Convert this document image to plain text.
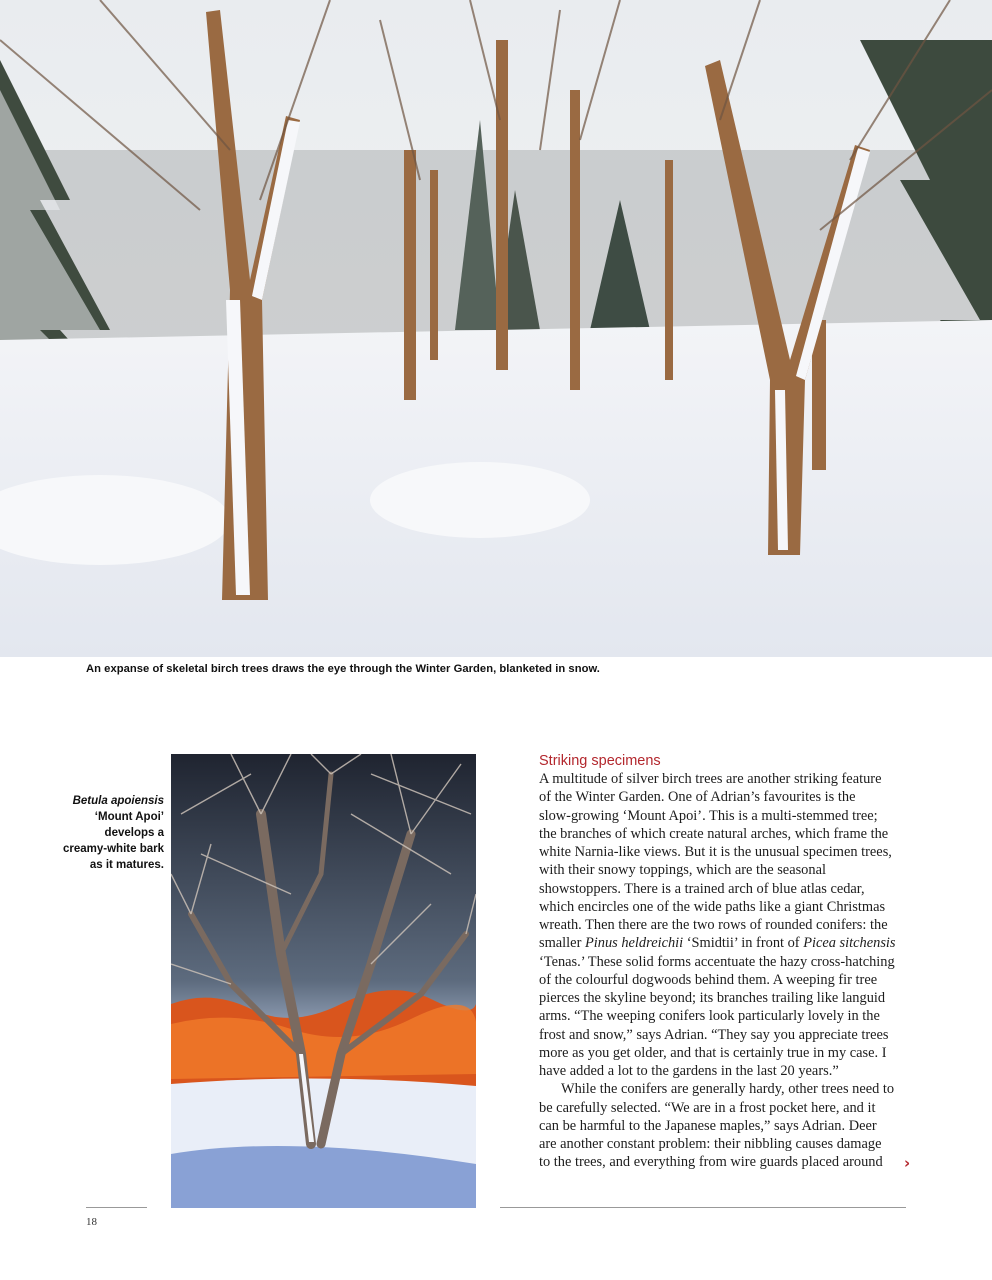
An expanse of skeletal birch trees draws the eye through the Winter Garden, blanketed in snow.
Betula apoiensis
‘Mount Apoi’
develops a
creamy-white bark
as it matures.
Striking specimens
A multitude of silver birch trees are another striking feature
of the Winter Garden. One of Adrian’s favourites is the
slow-growing ‘Mount Apoi’. This is a multi-stemmed tree;
the branches of which create natural arches, which frame the
white Narnia-like views. But it is the unusual specimen trees,
with their snowy toppings, which are the seasonal
showstoppers. There is a trained arch of blue atlas cedar,
which encircles one of the wide paths like a giant Christmas
wreath. Then there are the two rows of rounded conifers: the
smaller Pinus heldreichii ‘Smidtii’ in front of Picea sitchensis
‘Tenas.’ These solid forms accentuate the hazy cross-hatching
of the colourful dogwoods behind them. A weeping fir tree
pierces the skyline beyond; its branches trailing like languid
arms. “The weeping conifers look particularly lovely in the
frost and snow,” says Adrian. “They say you appreciate trees
more as you get older, and that is certainly true in my case. I
have added a lot to the gardens in the last 20 years.”
While the conifers are generally hardy, other trees need to
be carefully selected. “We are in a frost pocket here, and it
can be harmful to the Japanese maples,” says Adrian. Deer
are another constant problem: their nibbling causes damage
to the trees, and everything from wire guards placed around	›
18
